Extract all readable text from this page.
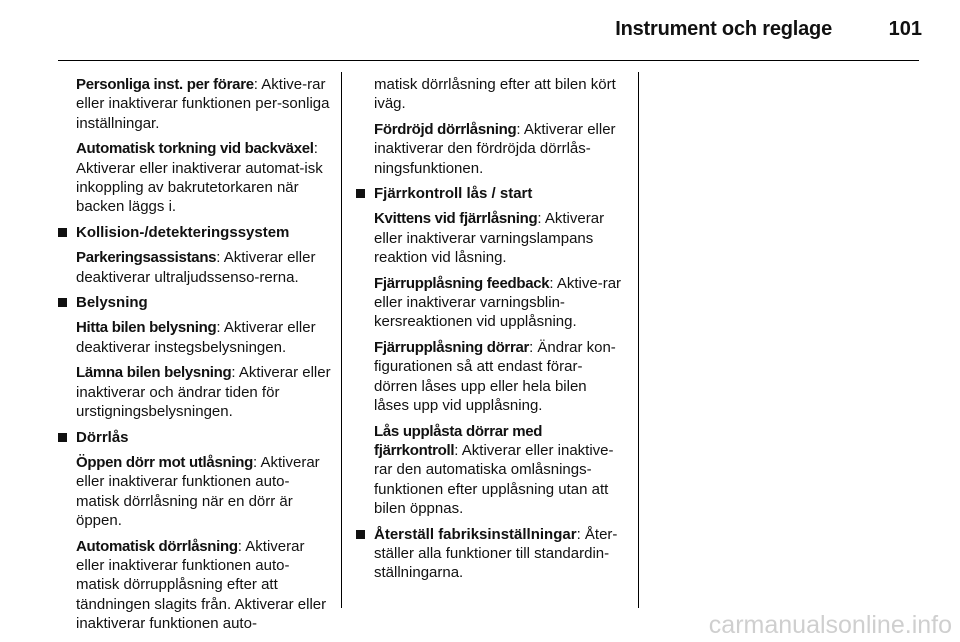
Instrument och reglage	101
Personliga inst. per förare: Aktive-rar eller inaktiverar funktionen per-sonliga inställningar.
Automatisk torkning vid backväxel: Aktiverar eller inaktiverar automat-isk inkoppling av bakrutetorkaren när backen läggs i.
Kollision-/detekteringssystem
Parkeringsassistans: Aktiverar eller deaktiverar ultraljudssenso-rerna.
Belysning
Hitta bilen belysning: Aktiverar eller deaktiverar instegsbelysningen.
Lämna bilen belysning: Aktiverar eller inaktiverar och ändrar tiden för urstigningsbelysningen.
Dörrlås
Öppen dörr mot utlåsning: Aktiverar eller inaktiverar funktionen auto-matisk dörrlåsning när en dörr är öppen.
Automatisk dörrlåsning: Aktiverar eller inaktiverar funktionen auto-matisk dörrupplåsning efter att tändningen slagits från. Aktiverar eller inaktiverar funktionen auto-
matisk dörrlåsning efter att bilen kört iväg.
Fördröjd dörrlåsning: Aktiverar eller inaktiverar den fördröjda dörrlås-ningsfunktionen.
Fjärrkontroll lås / start
Kvittens vid fjärrlåsning: Aktiverar eller inaktiverar varningslampans reaktion vid låsning.
Fjärrupplåsning feedback: Aktive-rar eller inaktiverar varningsblin-kersreaktionen vid upplåsning.
Fjärrupplåsning dörrar: Ändrar kon-figurationen så att endast förar-dörren låses upp eller hela bilen låses upp vid upplåsning.
Lås upplåsta dörrar med fjärrkontroll: Aktiverar eller inaktive-rar den automatiska omlåsnings-funktionen efter upplåsning utan att bilen öppnas.
Återställ fabriksinställningar: Åter-ställer alla funktioner till standardin-ställningarna.
carmanualsonline.info
